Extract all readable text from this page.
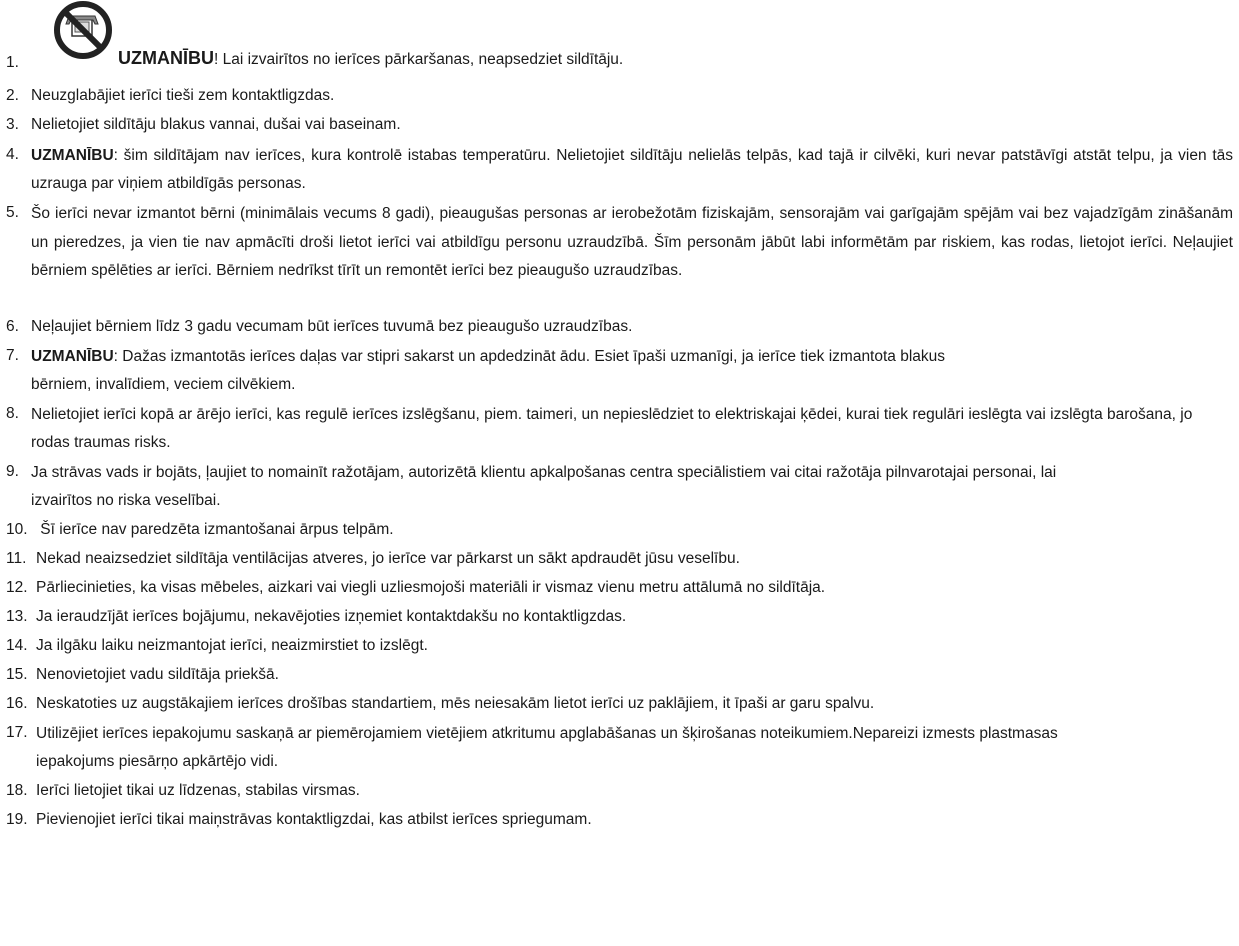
1.	UZMANĪBU! Lai izvairītos no ierīces pārkaršanas, neapsedziet sildītāju.
2. Neuzglabājiet ierīci tieši zem kontaktligzdas.
3. Nelietojiet sildītāju blakus vannai, dušai vai baseinam.
4. UZMANĪBU: šim sildītājam nav ierīces, kura kontrolē istabas temperatūru. Nelietojiet sildītāju nelielās telpās, kad tajā ir cilvēki, kuri nevar patstāvīgi atstāt telpu, ja vien tās uzrauga par viņiem atbildīgās personas.
5. Šo ierīci nevar izmantot bērni (minimālais vecums 8 gadi), pieaugušas personas ar ierobežotām fiziskajām, sensorajām vai garīgajām spējām vai bez vajadzīgām zināšanām un pieredzes, ja vien tie nav apmācīti droši lietot ierīci vai atbildīgu personu uzraudzībā. Šīm personām jābūt labi informētām par riskiem, kas rodas, lietojot ierīci. Neļaujiet bērniem spēlēties ar ierīci. Bērniem nedrīkst tīrīt un remontēt ierīci bez pieaugušo uzraudzības.
6. Neļaujiet bērniem līdz 3 gadu vecumam būt ierīces tuvumā bez pieaugušo uzraudzības.
7. UZMANĪBU: Dažas izmantotās ierīces daļas var stipri sakarst un apdedzināt ādu. Esiet īpaši uzmanīgi, ja ierīce tiek izmantota blakus bērniem, invalīdiem, veciem cilvēkiem.
8. Nelietojiet ierīci kopā ar ārējo ierīci, kas regulē ierīces izslēgšanu, piem. taimeri, un nepieslēdziet to elektriskajai ķēdei, kurai tiek regulāri ieslēgta vai izslēgta barošana, jo rodas traumas risks.
9. Ja strāvas vads ir bojāts, ļaujiet to nomainīt ražotājam, autorizētā klientu apkalpošanas centra speciālistiem vai citai ražotāja pilnvarotajai personai, lai izvairītos no riska veselībai.
10. Šī ierīce nav paredzēta izmantošanai ārpus telpām.
11. Nekad neaizsedziet sildītāja ventilācijas atveres, jo ierīce var pārkarst un sākt apdraudēt jūsu veselību.
12. Pārliecinieties, ka visas mēbeles, aizkari vai viegli uzliesmojoši materiāli ir vismaz vienu metru attālumā no sildītāja.
13. Ja ieraudzījāt ierīces bojājumu, nekavējoties izņemiet kontaktdakšu no kontaktligzdas.
14. Ja ilgāku laiku neizmantojat ierīci, neaizmirstiet to izslēgt.
15. Nenovietojiet vadu sildītāja priekšā.
16. Neskatoties uz augstākajiem ierīces drošības standartiem, mēs neiesakām lietot ierīci uz paklājiem, it īpaši ar garu spalvu.
17. Utilizējiet ierīces iepakojumu saskaņā ar piemērojamiem vietējiem atkritumu apglabāšanas un šķirošanas noteikumiem.Nepareizi izmests plastmasas iepakojums piesārņo apkārtējo vidi.
18. Ierīci lietojiet tikai uz līdzenas, stabilas virsmas.
19. Pievienojiet ierīci tikai maiņstrāvas kontaktligzdai, kas atbilst ierīces spriegumam.
